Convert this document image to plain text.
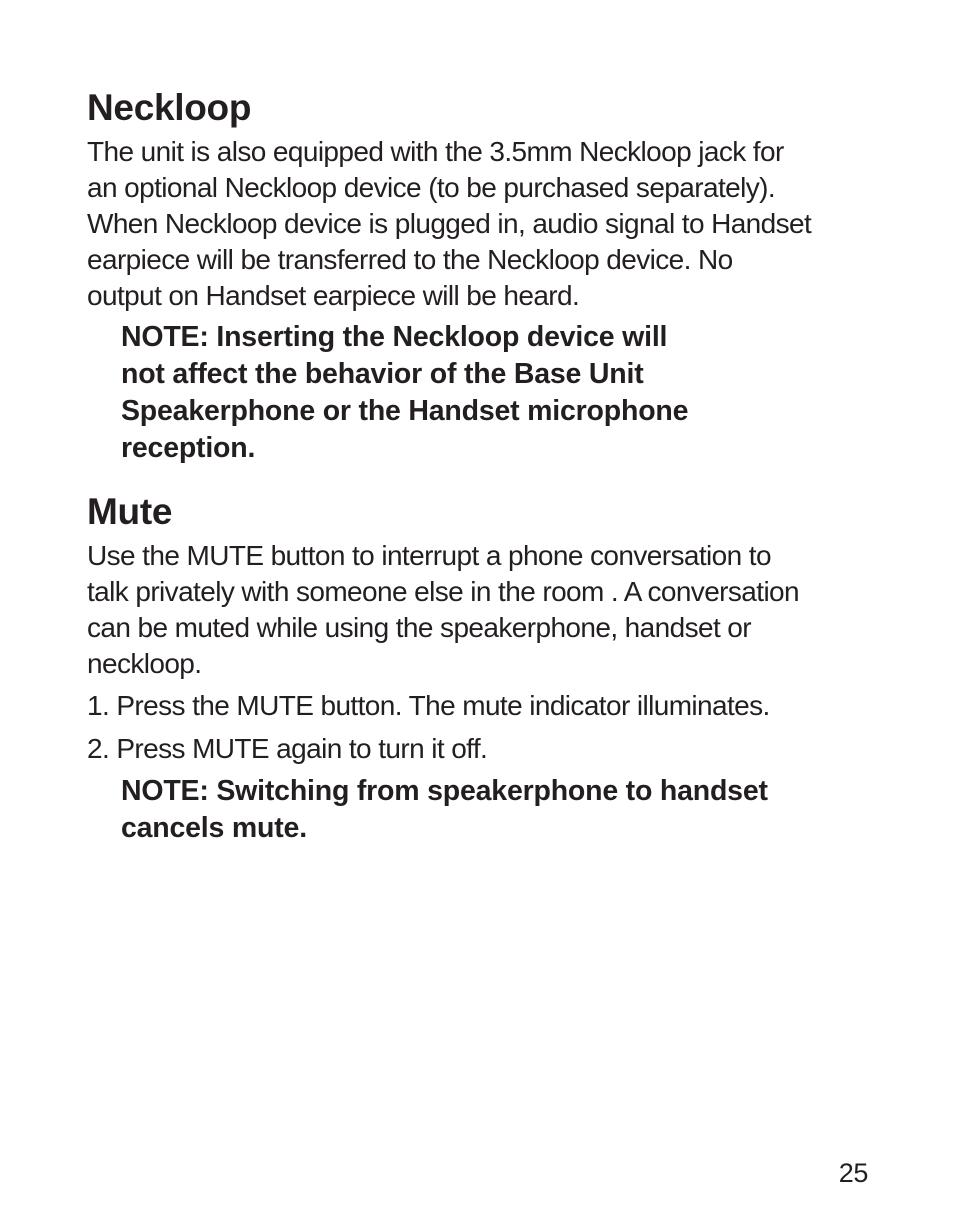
Neckloop

The unit is also equipped with the 3.5mm Neckloop jack for
an optional Neckloop device (to be purchased separately).
When Neckloop device is plugged in, audio signal to Handset
earpiece will be transferred to the Neckloop device. No
output on Handset earpiece will be heard.

NOTE: Inserting the Neckloop device will
not affect the behavior of the Base Unit
Speakerphone or the Handset microphone
reception.

Mute

Use the MUTE button to interrupt a phone conversation to
talk privately with someone else in the room . A conversation
can be muted while using the speakerphone, handset or
neckloop.

1. Press the MUTE button. The mute indicator illuminates.
2. Press MUTE again to turn it off.

NOTE: Switching from speakerphone to handset
cancels mute.

25
